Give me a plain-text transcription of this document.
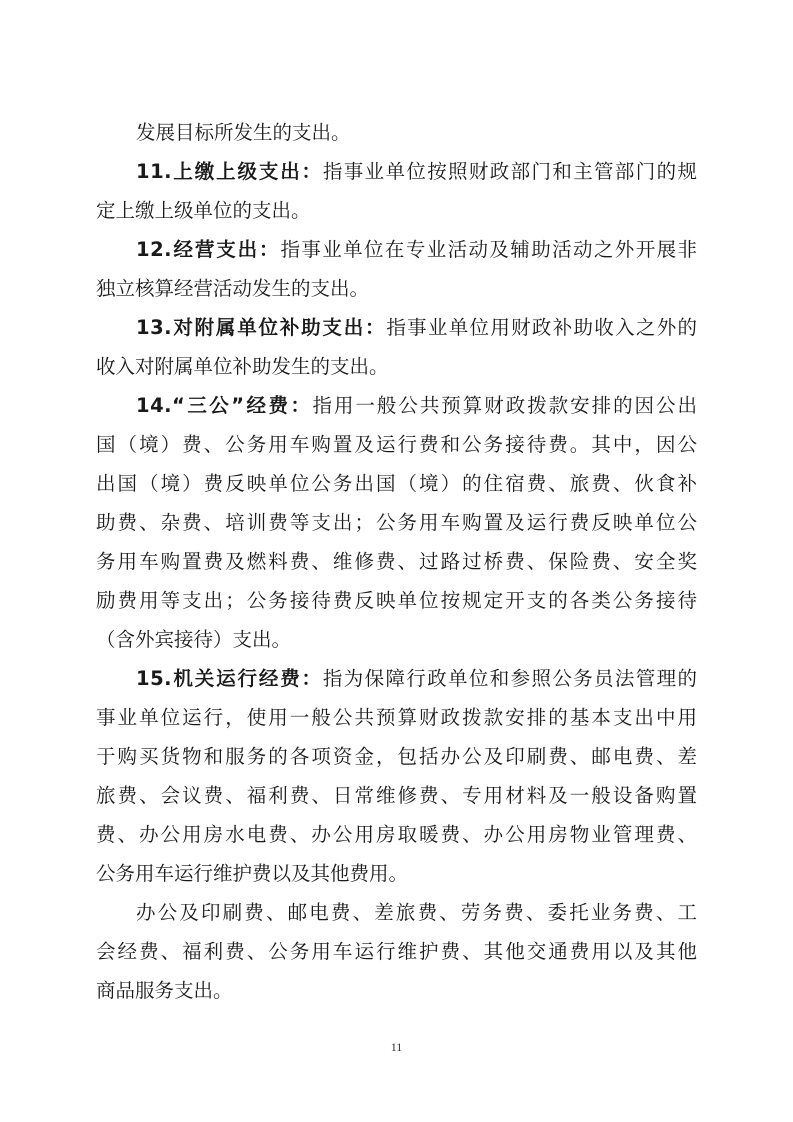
发展目标所发生的支出。
11.上缴上级支出：指事业单位按照财政部门和主管部门的规
定上缴上级单位的支出。
12.经营支出：指事业单位在专业活动及辅助活动之外开展非
独立核算经营活动发生的支出。
13.对附属单位补助支出：指事业单位用财政补助收入之外的
收入对附属单位补助发生的支出。
14.“三公”经费：指用一般公共预算财政拨款安排的因公出
国（境）费、公务用车购置及运行费和公务接待费。其中，因公
出国（境）费反映单位公务出国（境）的住宿费、旅费、伙食补
助费、杂费、培训费等支出；公务用车购置及运行费反映单位公
务用车购置费及燃料费、维修费、过路过桥费、保险费、安全奖
励费用等支出；公务接待费反映单位按规定开支的各类公务接待
（含外宾接待）支出。
15.机关运行经费：指为保障行政单位和参照公务员法管理的
事业单位运行，使用一般公共预算财政拨款安排的基本支出中用
于购买货物和服务的各项资金，包括办公及印刷费、邮电费、差
旅费、会议费、福利费、日常维修费、专用材料及一般设备购置
费、办公用房水电费、办公用房取暖费、办公用房物业管理费、
公务用车运行维护费以及其他费用。
办公及印刷费、邮电费、差旅费、劳务费、委托业务费、工
会经费、福利费、公务用车运行维护费、其他交通费用以及其他
商品服务支出。
11
